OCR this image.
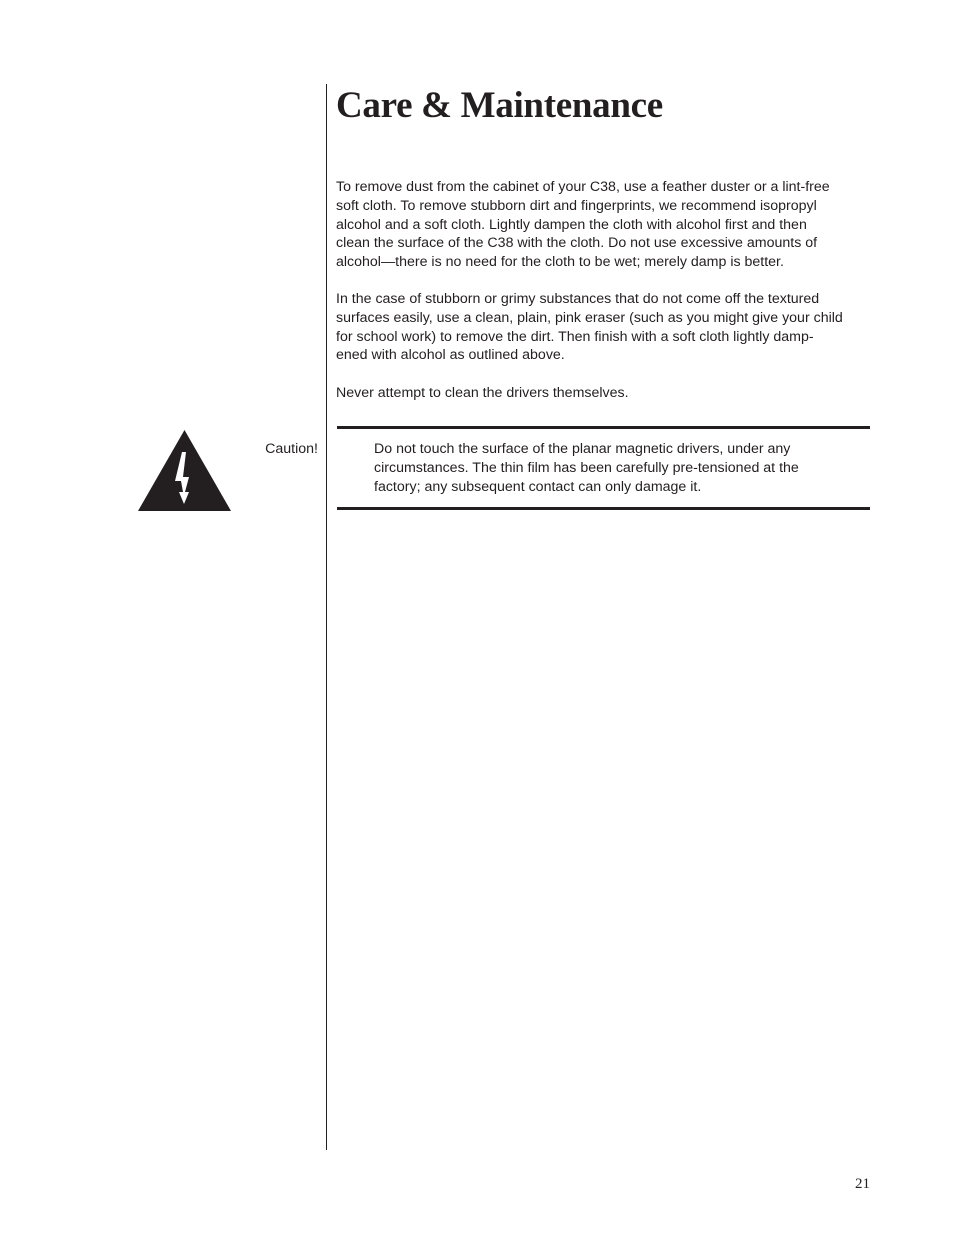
Care & Maintenance
To remove dust from the cabinet of your C38, use a feather duster or a lint-free
soft cloth. To remove stubborn dirt and fingerprints, we recommend isopropyl
alcohol and a soft cloth. Lightly dampen the cloth with alcohol first and then
clean the surface of the C38 with the cloth. Do not use excessive amounts of
alcohol—there is no need for the cloth to be wet; merely damp is better.
In the case of stubborn or grimy substances that do not come off the textured
surfaces easily, use a clean, plain, pink eraser (such as you might give your child
for school work) to remove the dirt. Then finish with a soft cloth lightly damp-
ened with alcohol as outlined above.
Never attempt to clean the drivers themselves.
Caution!	Do not touch the surface of the planar magnetic drivers, under any
circumstances. The thin film has been carefully pre-tensioned at the
factory; any subsequent contact can only damage it.
21
